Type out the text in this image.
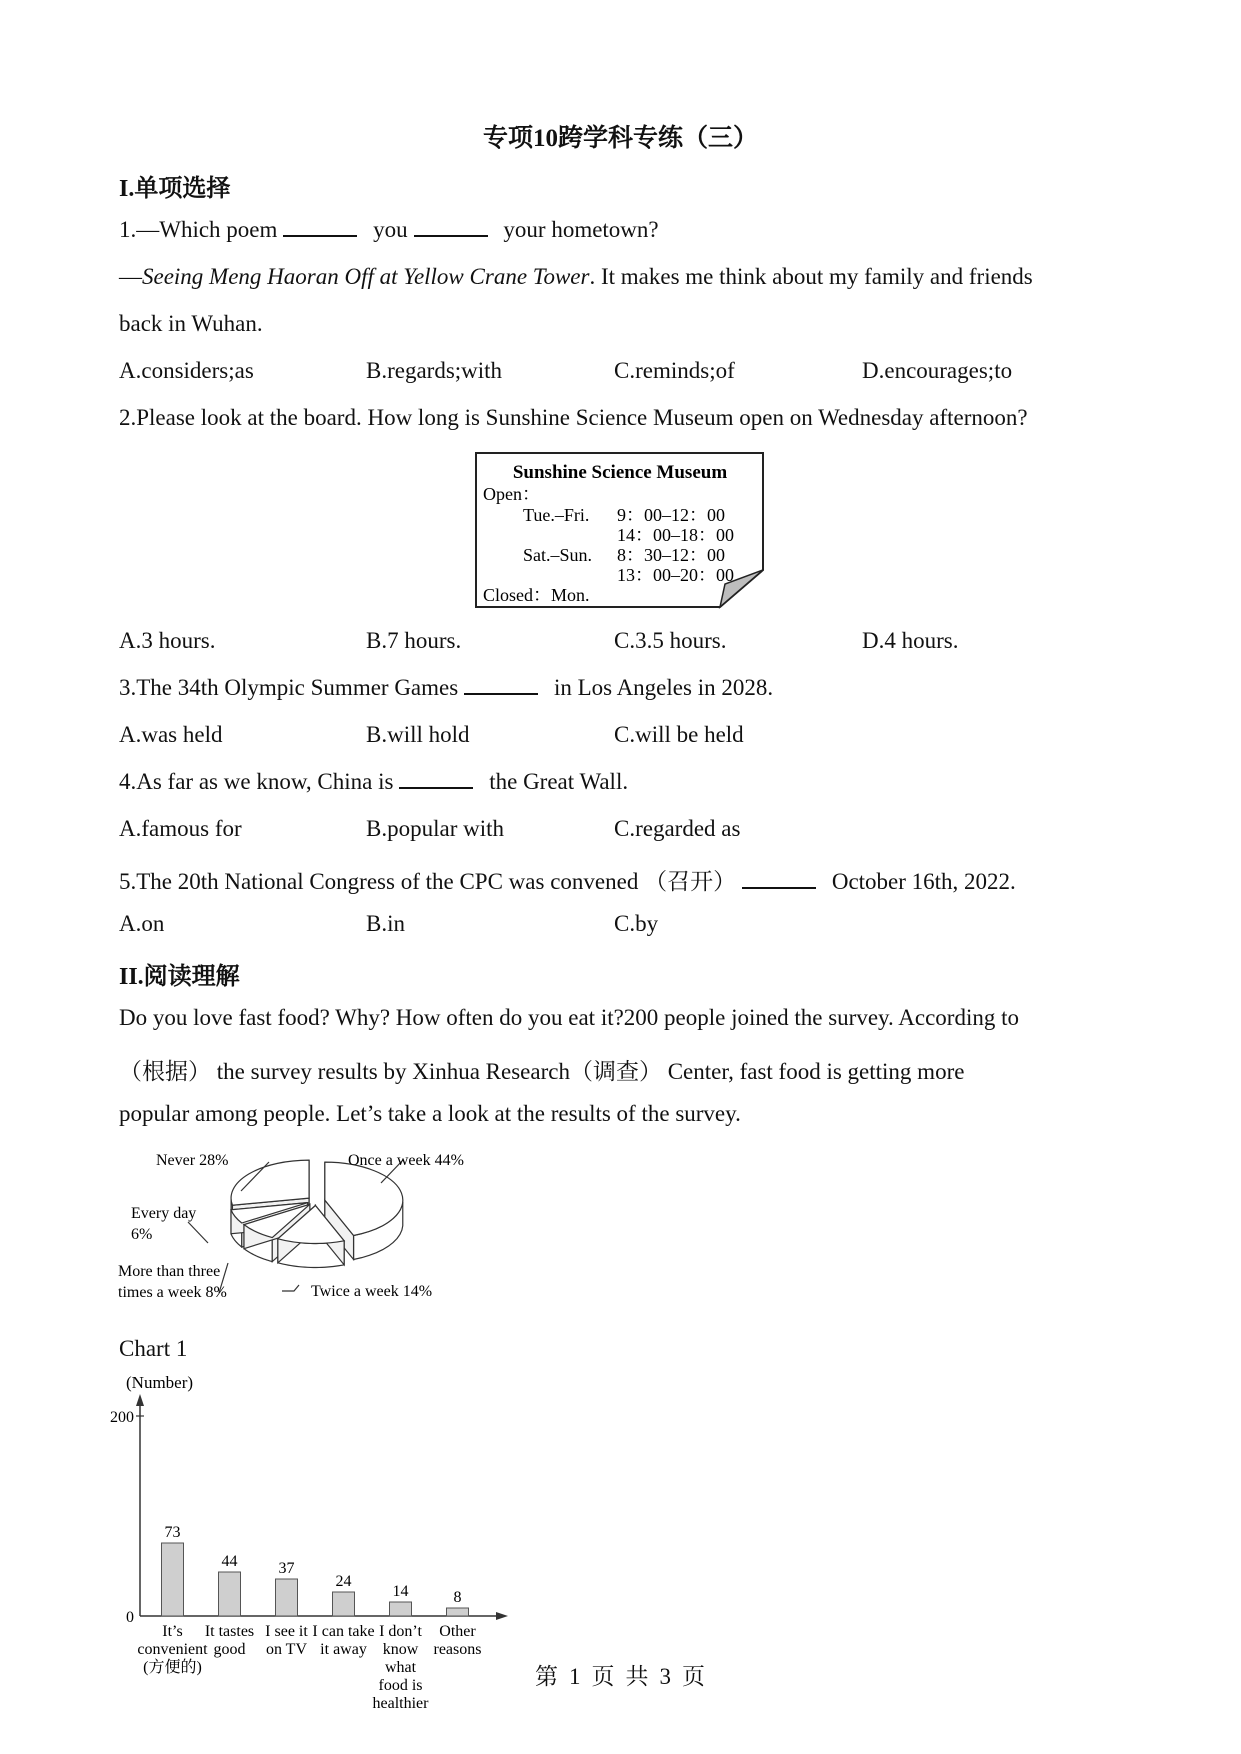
专项10跨学科专练（三）
I.单项选择
1.—Which poem	you	your hometown?
—Seeing Meng Haoran Off at Yellow Crane Tower. It makes me think about my family and friends
back in Wuhan.
A.considers;as	B.regards;with	C.reminds;of	D.encourages;to
2.Please look at the board. How long is Sunshine Science Museum open on Wednesday afternoon?
Sunshine Science Museum
Open：
Tue.–Fri. 9：00–12：00
14：00–18：00
Sat.–Sun. 8：30–12：00
13：00–20：00
Closed：Mon.
A.3 hours.	B.7 hours.	C.3.5 hours.	D.4 hours.
3.The 34th Olympic Summer Games	in Los Angeles in 2028.
A.was held	B.will hold	C.will be held
4.As far as we know, China is	the Great Wall.
A.famous for	B.popular with	C.regarded as
5.The 20th National Congress of the CPC was convened （召开）	October 16th, 2022.
A.on	B.in	C.by
II.阅读理解
Do you love fast food? Why? How often do you eat it?200 people joined the survey. According to
（根据） the survey results by Xinhua Research（调查） Center, fast food is getting more
popular among people. Let’s take a look at the results of the survey.
Never 28%	Once a week 44%
Every day
6%
More than three
times a week 8%	Twice a week 14%
Chart 1
(Number)
0
200
73
It’s
convenient
(方便的)
44
It tastes
good
37
I see it
on TV
24
I can take
it away
14
I don’t
know
what
food is
healthier
8
Other
reasons
第 1 页 共 3 页
